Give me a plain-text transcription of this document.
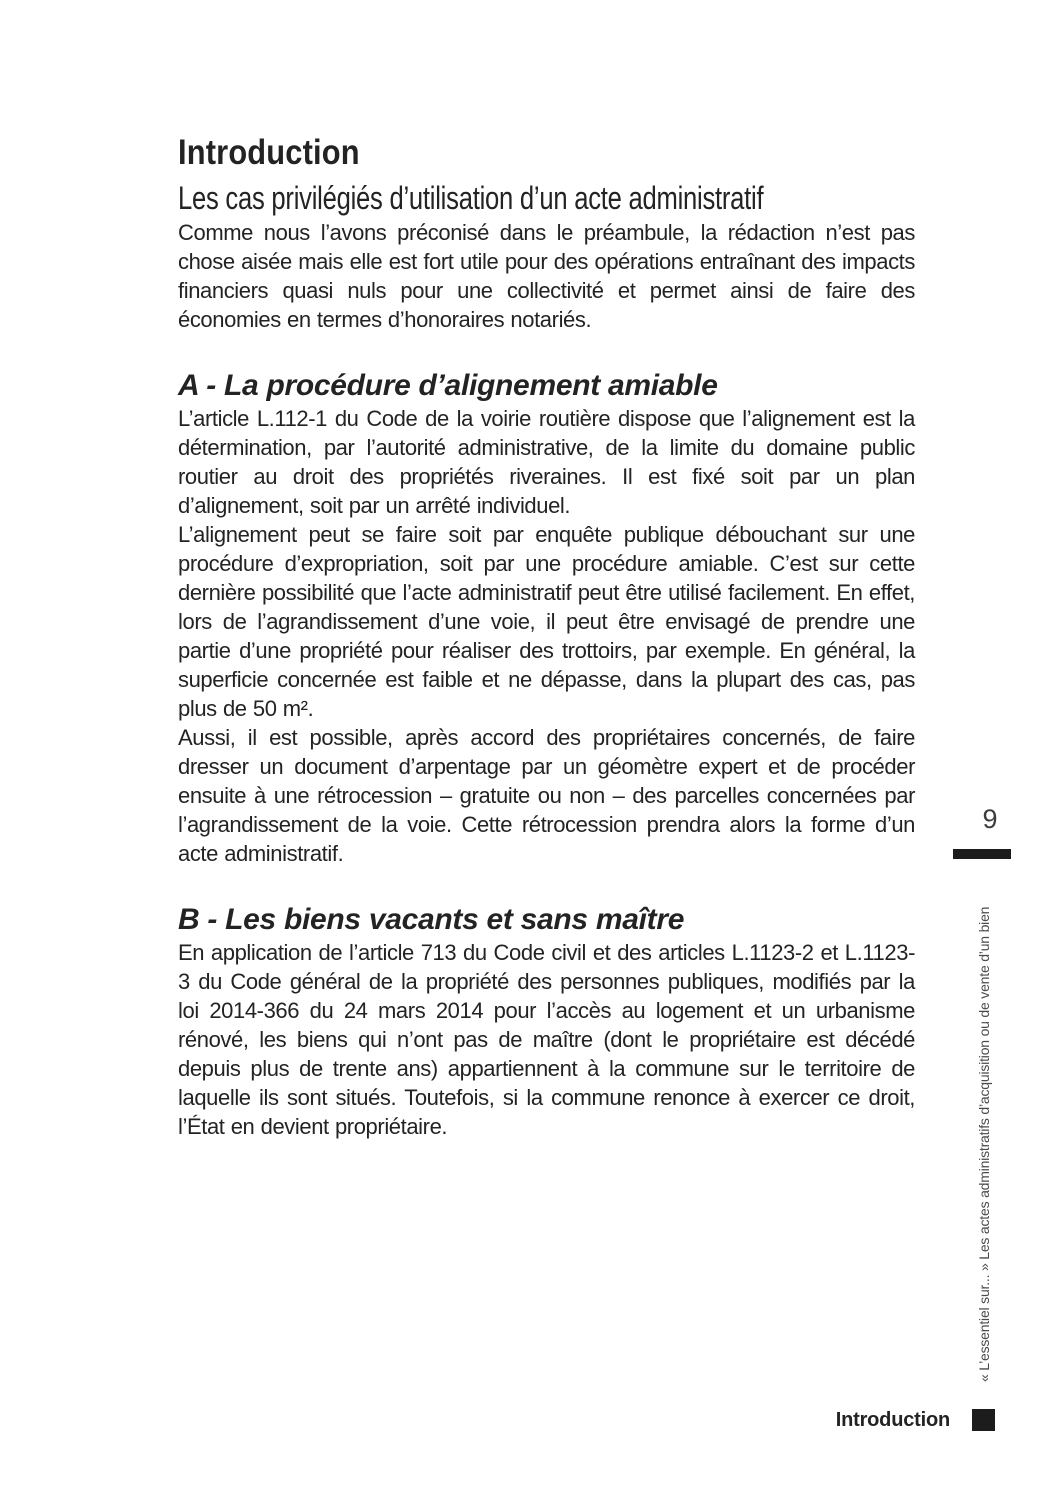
Introduction
Les cas privilégiés d’utilisation d’un acte administratif

Comme nous l’avons préconisé dans le préambule, la rédaction n’est pas chose aisée mais elle est fort utile pour des opérations entraînant des impacts financiers quasi nuls pour une collectivité et permet ainsi de faire des économies en termes d’honoraires notariés.

A - La procédure d’alignement amiable

L’article L.112-1 du Code de la voirie routière dispose que l’alignement est la détermination, par l’autorité administrative, de la limite du domaine public routier au droit des propriétés riveraines. Il est fixé soit par un plan d’alignement, soit par un arrêté individuel.

L’alignement peut se faire soit par enquête publique débouchant sur une procédure d’expropriation, soit par une procédure amiable. C’est sur cette dernière possibilité que l’acte administratif peut être utilisé facilement. En effet, lors de l’agrandissement d’une voie, il peut être envisagé de prendre une partie d’une propriété pour réaliser des trottoirs, par exemple. En général, la superficie concernée est faible et ne dépasse, dans la plupart des cas, pas plus de 50 m².

Aussi, il est possible, après accord des propriétaires concernés, de faire dresser un document d’arpentage par un géomètre expert et de procéder ensuite à une rétrocession – gratuite ou non – des parcelles concernées par l’agrandissement de la voie. Cette rétrocession prendra alors la forme d’un acte administratif.

B - Les biens vacants et sans maître

En application de l’article 713 du Code civil et des articles L.1123-2 et L.1123-3 du Code général de la propriété des personnes publiques, modifiés par la loi 2014-366 du 24 mars 2014 pour l’accès au logement et un urbanisme rénové, les biens qui n’ont pas de maître (dont le propriétaire est décédé depuis plus de trente ans) appartiennent à la commune sur le territoire de laquelle ils sont situés. Toutefois, si la commune renonce à exercer ce droit, l’État en devient propriétaire.

9
« L’essentiel sur... » Les actes administratifs d’acquisition ou de vente d’un bien
Introduction
